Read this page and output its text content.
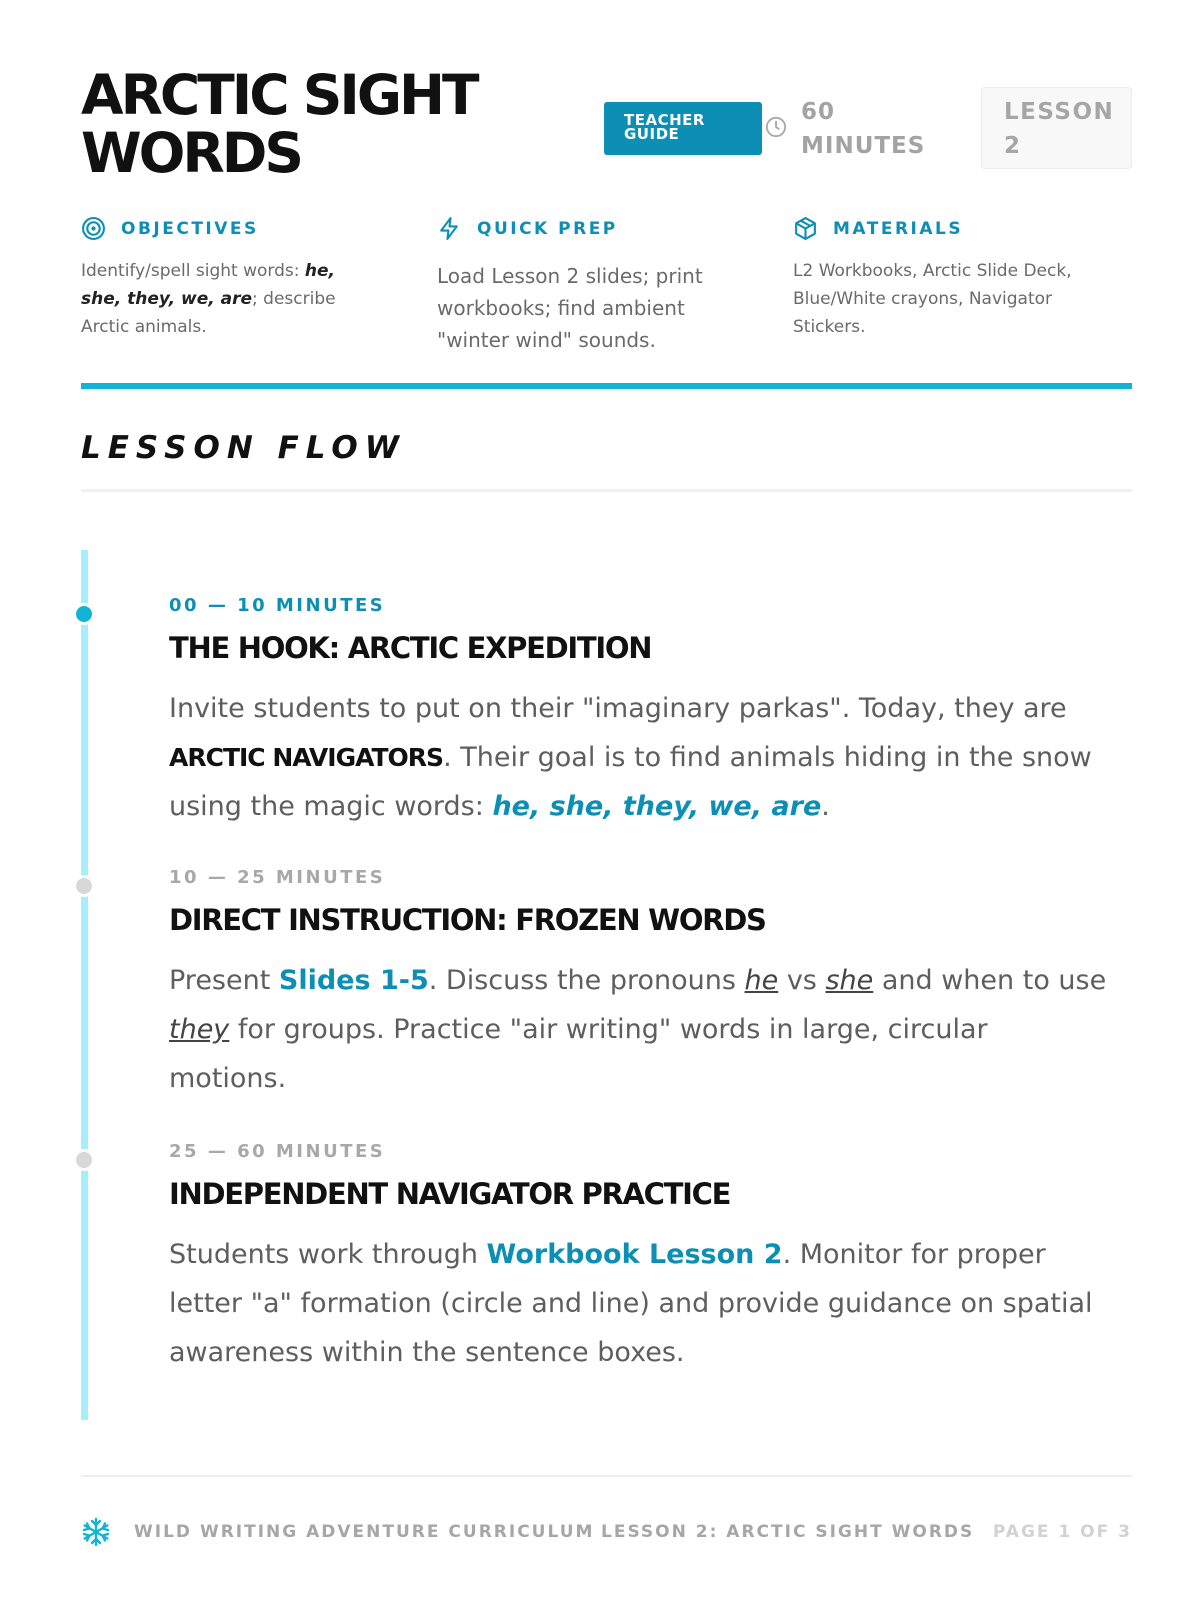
ARCTIC SIGHT
WORDS
TEACHER
GUIDE
60
MINUTES
LESSON
2
OBJECTIVES
Identify/spell sight words: he, she, they, we, are; describe Arctic animals.
QUICK PREP
Load Lesson 2 slides; print workbooks; find ambient "winter wind" sounds.
MATERIALS
L2 Workbooks, Arctic Slide Deck, Blue/White crayons, Navigator Stickers.
LESSON FLOW
00 — 10 MINUTES
THE HOOK: ARCTIC EXPEDITION
Invite students to put on their "imaginary parkas". Today, they are ARCTIC NAVIGATORS. Their goal is to find animals hiding in the snow using the magic words: he, she, they, we, are.
10 — 25 MINUTES
DIRECT INSTRUCTION: FROZEN WORDS
Present Slides 1-5. Discuss the pronouns he vs she and when to use they for groups. Practice "air writing" words in large, circular motions.
25 — 60 MINUTES
INDEPENDENT NAVIGATOR PRACTICE
Students work through Workbook Lesson 2. Monitor for proper letter "a" formation (circle and line) and provide guidance on spatial awareness within the sentence boxes.
WILD WRITING ADVENTURE CURRICULUM LESSON 2: ARCTIC SIGHT WORDS PAGE 1 OF 3
